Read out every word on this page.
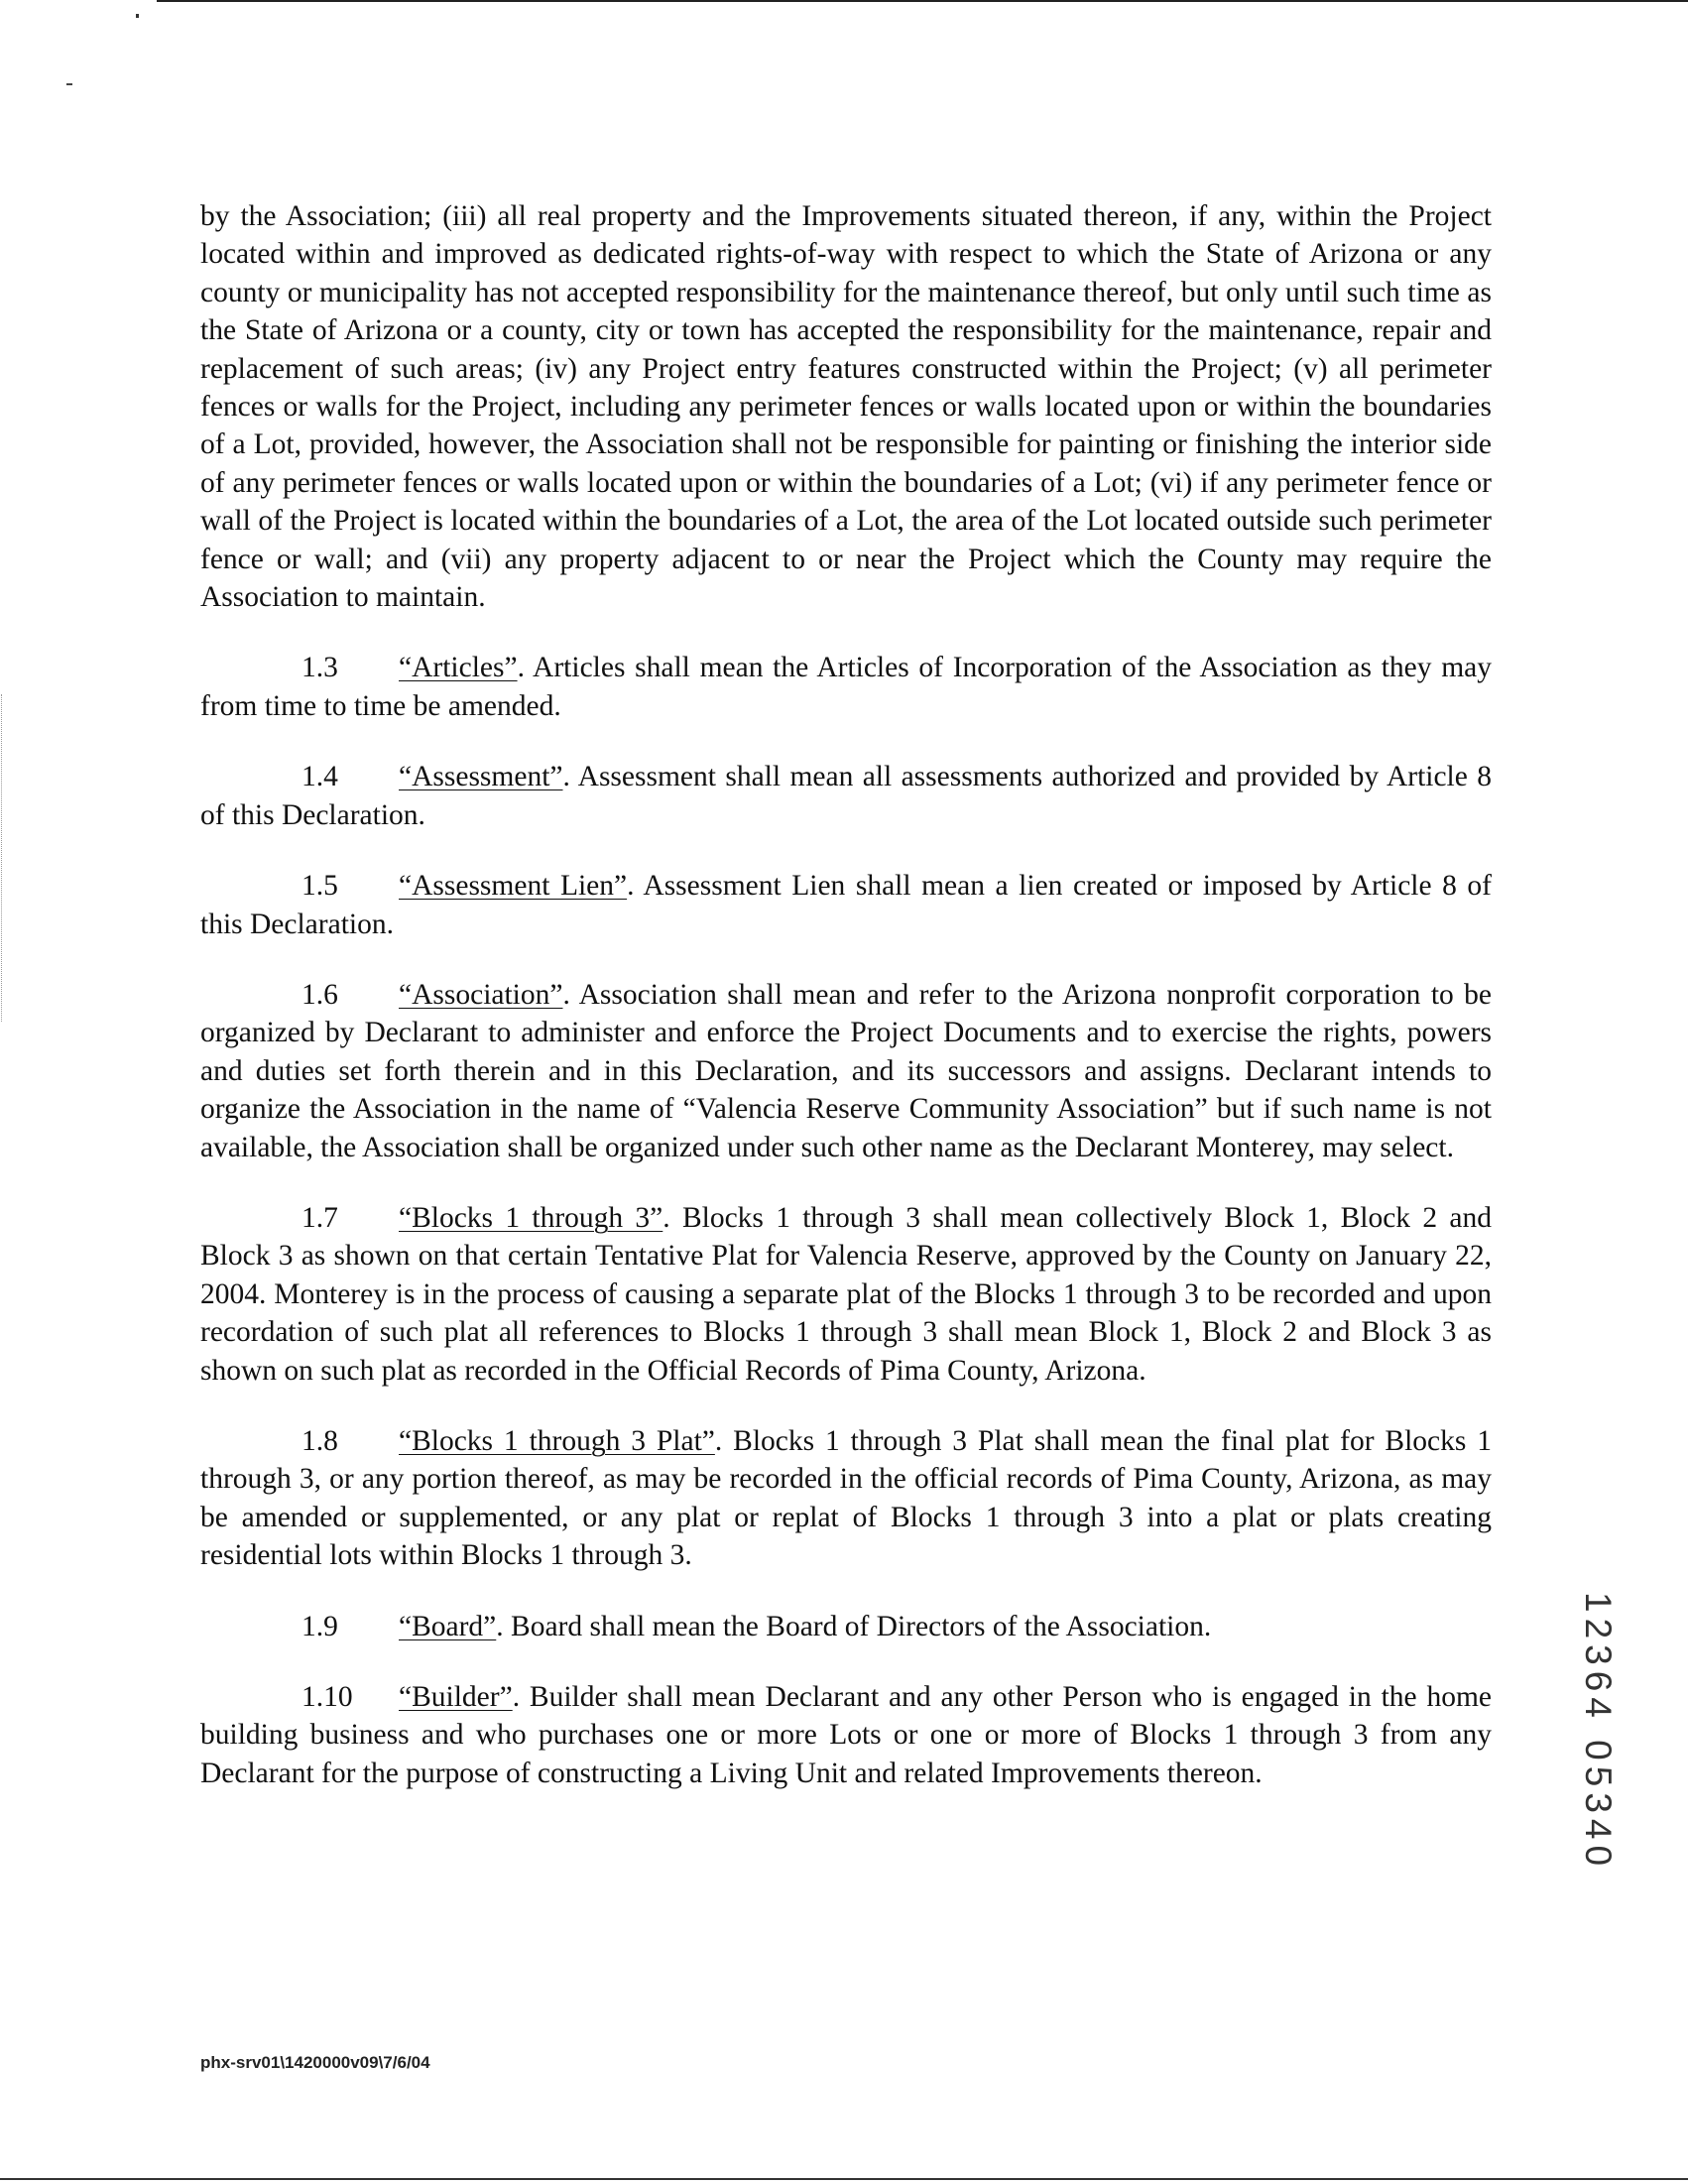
by the Association; (iii) all real property and the Improvements situated thereon, if any, within the Project located within and improved as dedicated rights-of-way with respect to which the State of Arizona or any county or municipality has not accepted responsibility for the maintenance thereof, but only until such time as the State of Arizona or a county, city or town has accepted the responsibility for the maintenance, repair and replacement of such areas; (iv) any Project entry features constructed within the Project; (v) all perimeter fences or walls for the Project, including any perimeter fences or walls located upon or within the boundaries of a Lot, provided, however, the Association shall not be responsible for painting or finishing the interior side of any perimeter fences or walls located upon or within the boundaries of a Lot; (vi) if any perimeter fence or wall of the Project is located within the boundaries of a Lot, the area of the Lot located outside such perimeter fence or wall; and (vii) any property adjacent to or near the Project which the County may require the Association to maintain.

1.3 “Articles”. Articles shall mean the Articles of Incorporation of the Association as they may from time to time be amended.

1.4 “Assessment”. Assessment shall mean all assessments authorized and provided by Article 8 of this Declaration.

1.5 “Assessment Lien”. Assessment Lien shall mean a lien created or imposed by Article 8 of this Declaration.

1.6 “Association”. Association shall mean and refer to the Arizona nonprofit corporation to be organized by Declarant to administer and enforce the Project Documents and to exercise the rights, powers and duties set forth therein and in this Declaration, and its successors and assigns. Declarant intends to organize the Association in the name of “Valencia Reserve Community Association” but if such name is not available, the Association shall be organized under such other name as the Declarant Monterey, may select.

1.7 “Blocks 1 through 3”. Blocks 1 through 3 shall mean collectively Block 1, Block 2 and Block 3 as shown on that certain Tentative Plat for Valencia Reserve, approved by the County on January 22, 2004. Monterey is in the process of causing a separate plat of the Blocks 1 through 3 to be recorded and upon recordation of such plat all references to Blocks 1 through 3 shall mean Block 1, Block 2 and Block 3 as shown on such plat as recorded in the Official Records of Pima County, Arizona.

1.8 “Blocks 1 through 3 Plat”. Blocks 1 through 3 Plat shall mean the final plat for Blocks 1 through 3, or any portion thereof, as may be recorded in the official records of Pima County, Arizona, as may be amended or supplemented, or any plat or replat of Blocks 1 through 3 into a plat or plats creating residential lots within Blocks 1 through 3.

1.9 “Board”. Board shall mean the Board of Directors of the Association.

1.10 “Builder”. Builder shall mean Declarant and any other Person who is engaged in the home building business and who purchases one or more Lots or one or more of Blocks 1 through 3 from any Declarant for the purpose of constructing a Living Unit and related Improvements thereon.	12364 05340
phx-srv01\1420000v09\7/6/04
